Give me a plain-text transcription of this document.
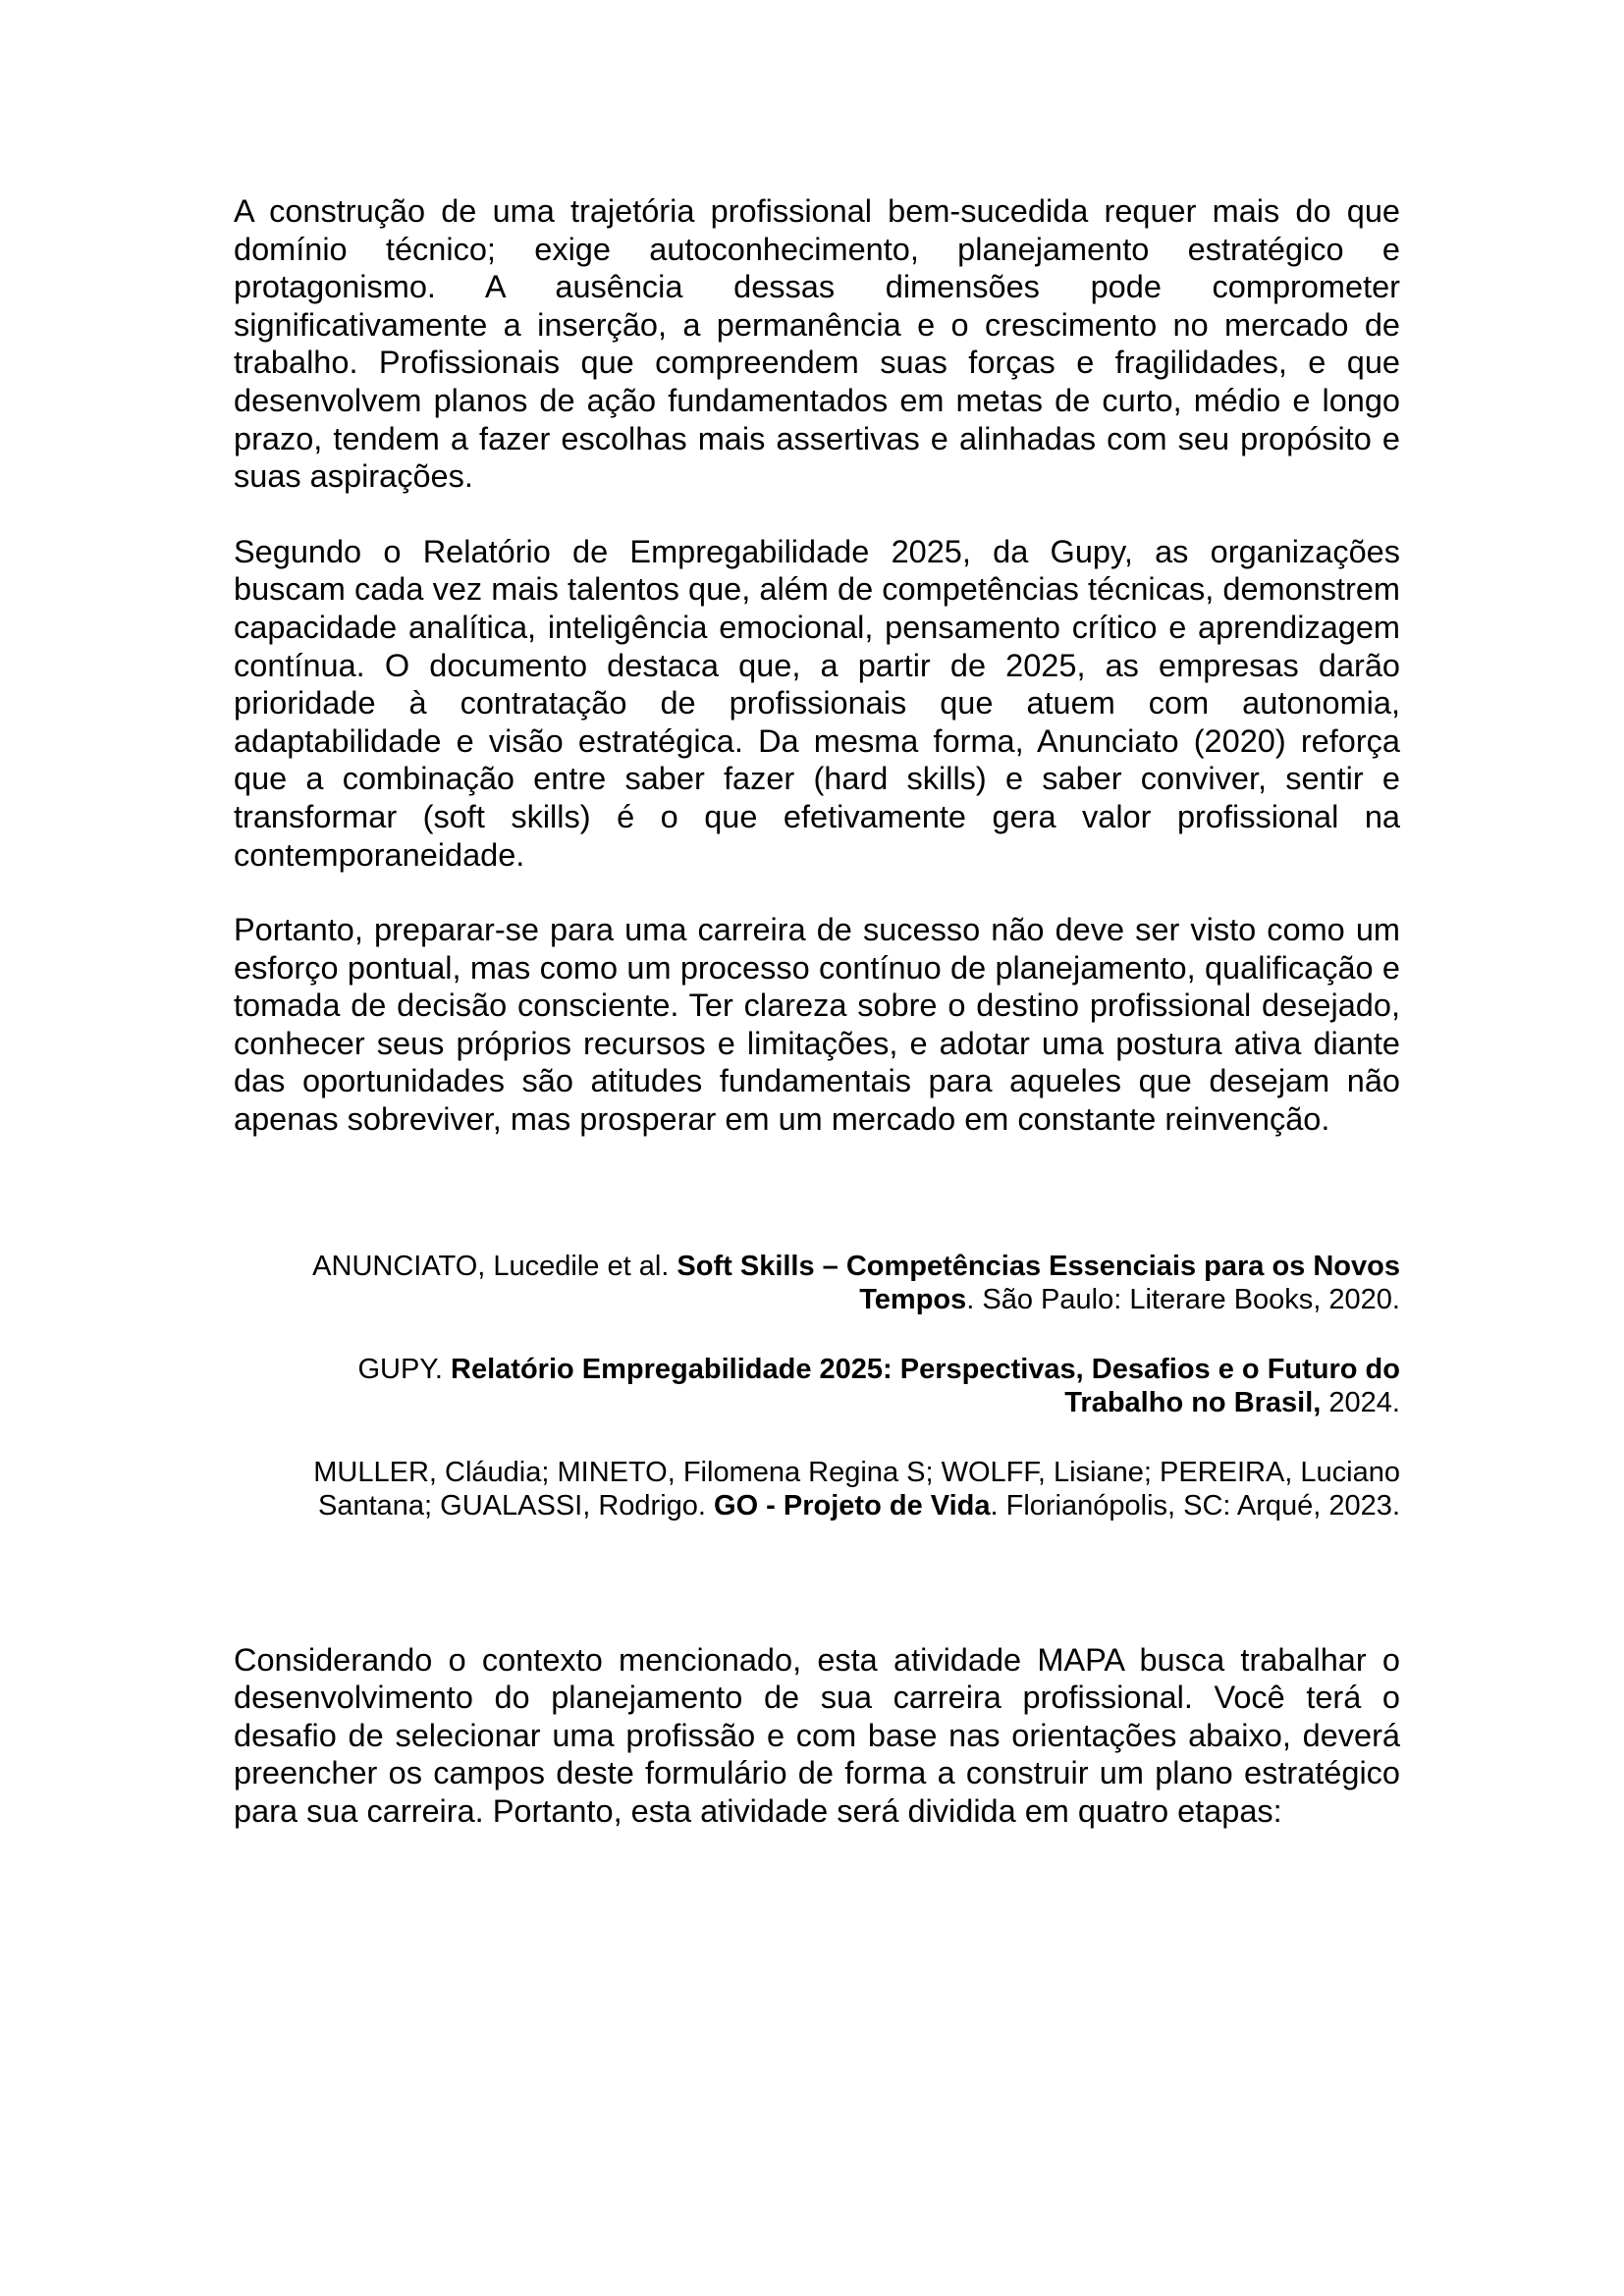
A construção de uma trajetória profissional bem-sucedida requer mais do que domínio técnico; exige autoconhecimento, planejamento estratégico e protagonismo. A ausência dessas dimensões pode comprometer significativamente a inserção, a permanência e o crescimento no mercado de trabalho. Profissionais que compreendem suas forças e fragilidades, e que desenvolvem planos de ação fundamentados em metas de curto, médio e longo prazo, tendem a fazer escolhas mais assertivas e alinhadas com seu propósito e suas aspirações.

Segundo o Relatório de Empregabilidade 2025, da Gupy, as organizações buscam cada vez mais talentos que, além de competências técnicas, demonstrem capacidade analítica, inteligência emocional, pensamento crítico e aprendizagem contínua. O documento destaca que, a partir de 2025, as empresas darão prioridade à contratação de profissionais que atuem com autonomia, adaptabilidade e visão estratégica. Da mesma forma, Anunciato (2020) reforça que a combinação entre saber fazer (hard skills) e saber conviver, sentir e transformar (soft skills) é o que efetivamente gera valor profissional na contemporaneidade.

Portanto, preparar-se para uma carreira de sucesso não deve ser visto como um esforço pontual, mas como um processo contínuo de planejamento, qualificação e tomada de decisão consciente. Ter clareza sobre o destino profissional desejado, conhecer seus próprios recursos e limitações, e adotar uma postura ativa diante das oportunidades são atitudes fundamentais para aqueles que desejam não apenas sobreviver, mas prosperar em um mercado em constante reinvenção.

ANUNCIATO, Lucedile et al. Soft Skills – Competências Essenciais para os Novos Tempos. São Paulo: Literare Books, 2020.

GUPY. Relatório Empregabilidade 2025: Perspectivas, Desafios e o Futuro do Trabalho no Brasil, 2024.

MULLER, Cláudia; MINETO, Filomena Regina S; WOLFF, Lisiane; PEREIRA, Luciano Santana; GUALASSI, Rodrigo. GO - Projeto de Vida. Florianópolis, SC: Arqué, 2023.

Considerando o contexto mencionado, esta atividade MAPA busca trabalhar o desenvolvimento do planejamento de sua carreira profissional. Você terá o desafio de selecionar uma profissão e com base nas orientações abaixo, deverá preencher os campos deste formulário de forma a construir um plano estratégico para sua carreira. Portanto, esta atividade será dividida em quatro etapas:
